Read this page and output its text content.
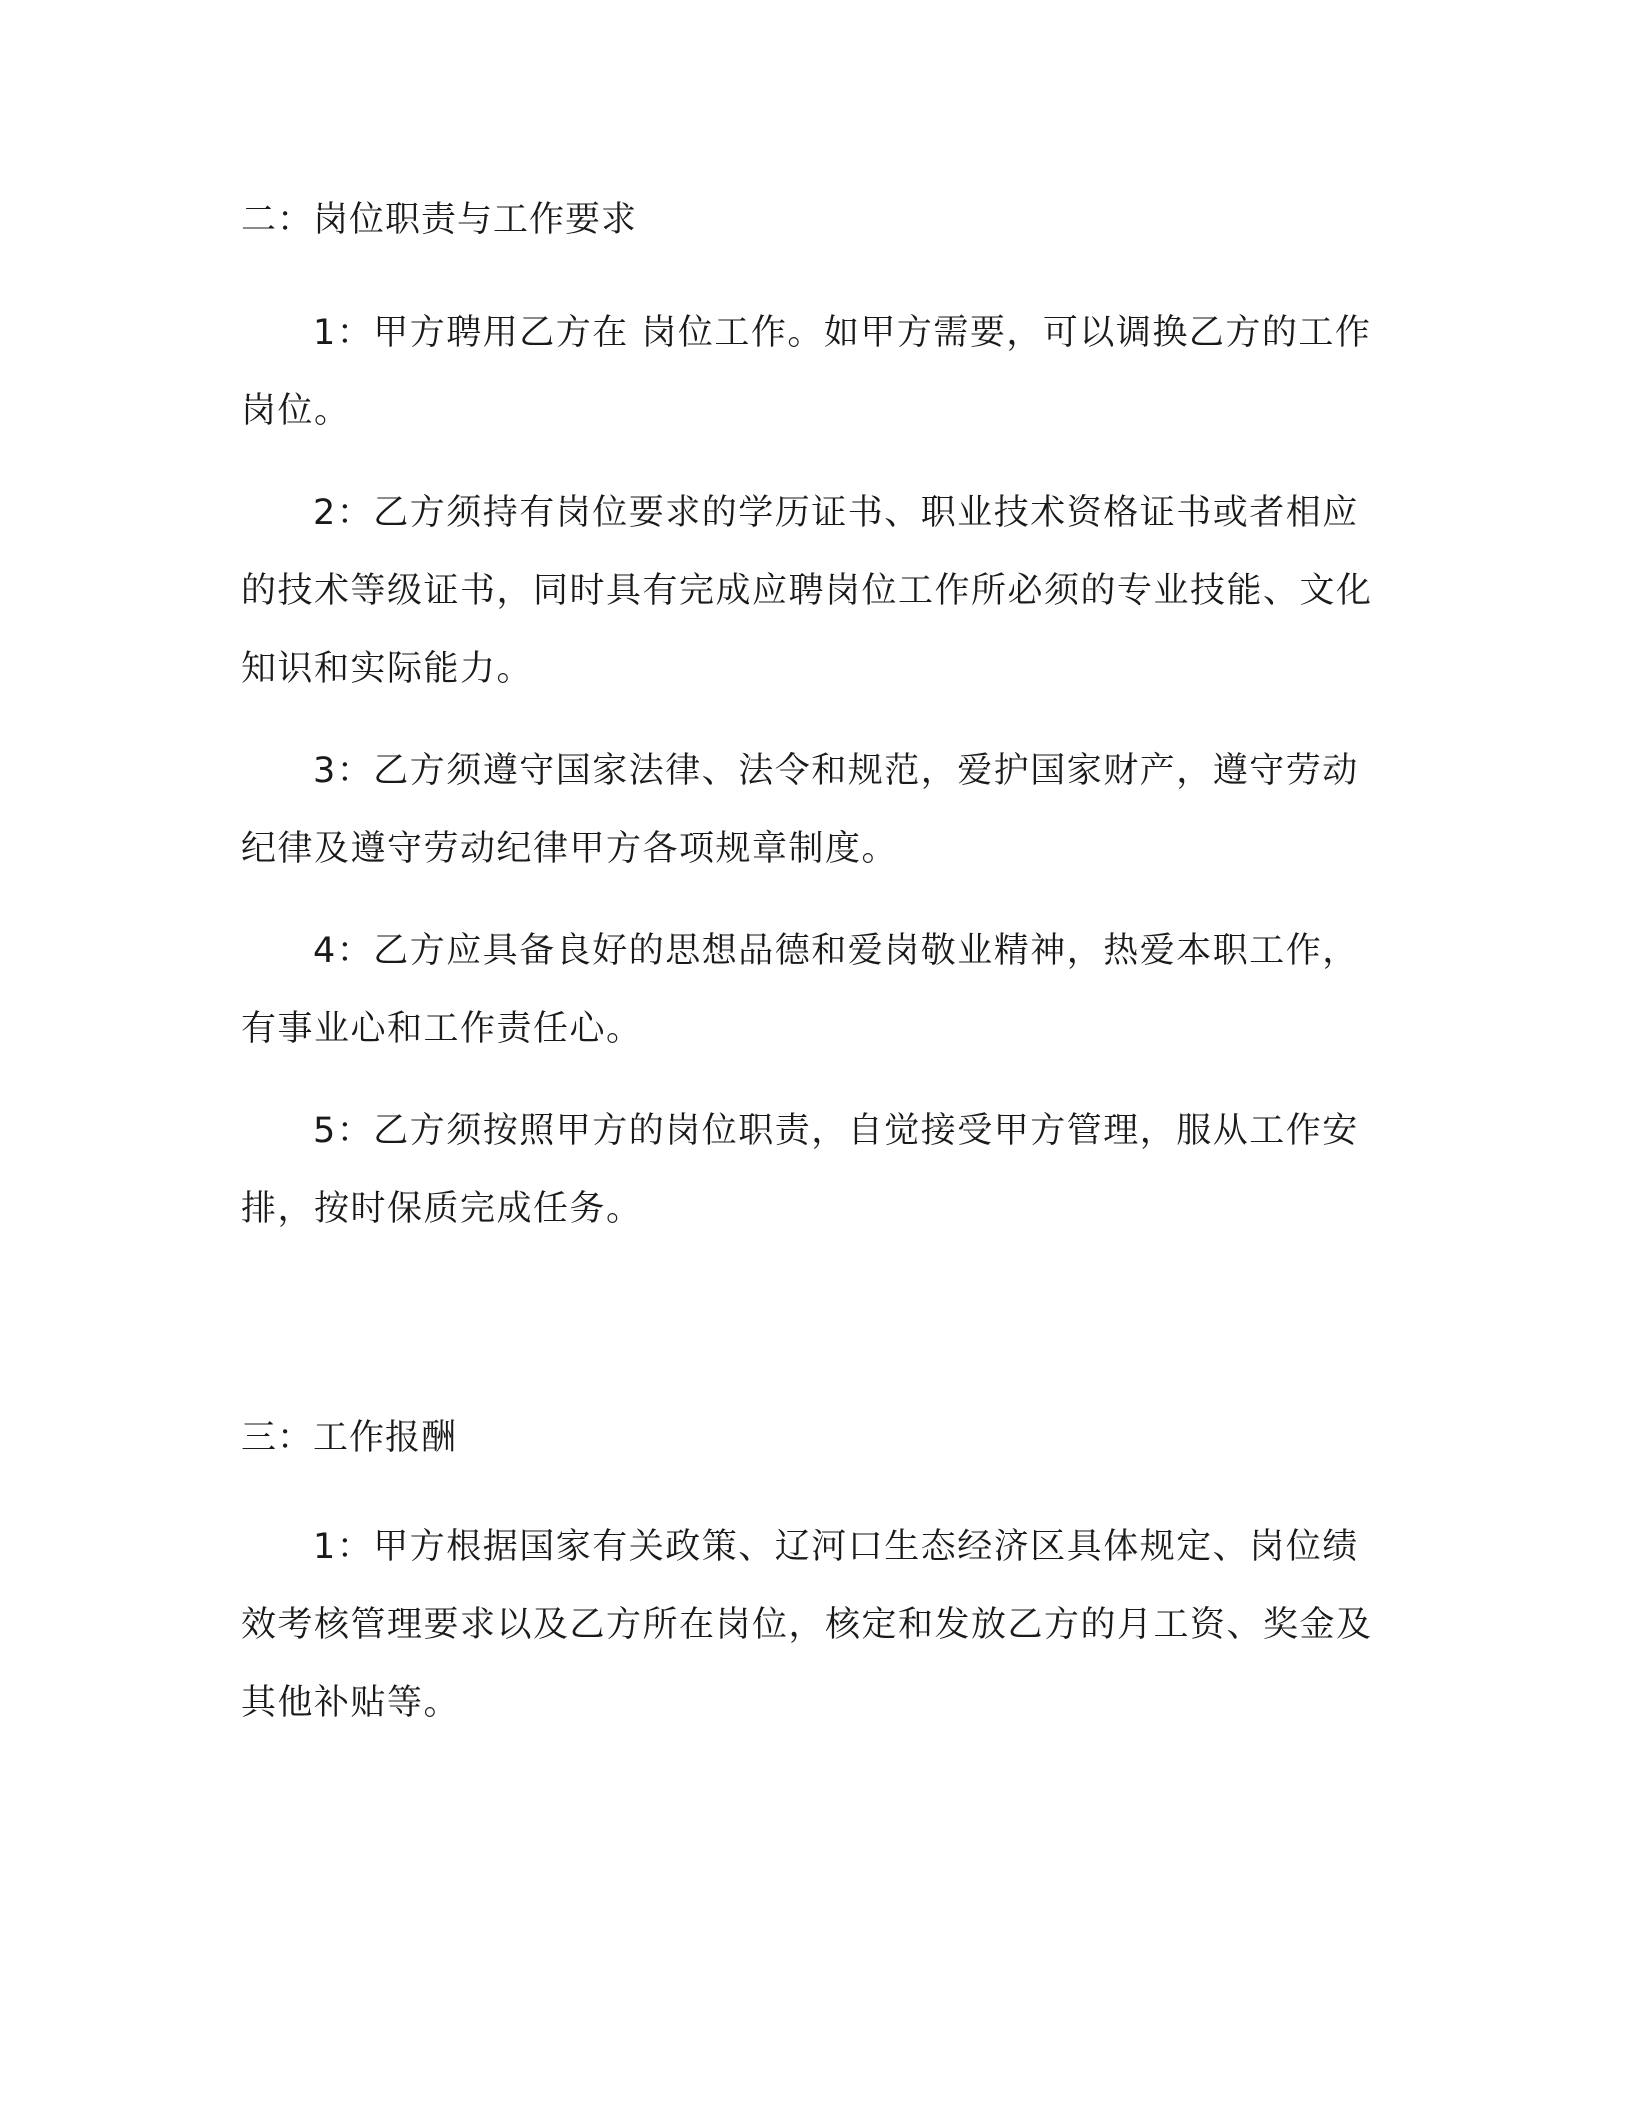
二：岗位职责与工作要求

1：甲方聘用乙方在 岗位工作。如甲方需要，可以调换乙方的工作岗位。

2：乙方须持有岗位要求的学历证书、职业技术资格证书或者相应的技术等级证书，同时具有完成应聘岗位工作所必须的专业技能、文化知识和实际能力。

3：乙方须遵守国家法律、法令和规范，爱护国家财产，遵守劳动纪律及遵守劳动纪律甲方各项规章制度。

4：乙方应具备良好的思想品德和爱岗敬业精神，热爱本职工作，有事业心和工作责任心。

5：乙方须按照甲方的岗位职责，自觉接受甲方管理，服从工作安排，按时保质完成任务。

三：工作报酬

1：甲方根据国家有关政策、辽河口生态经济区具体规定、岗位绩效考核管理要求以及乙方所在岗位，核定和发放乙方的月工资、奖金及其他补贴等。
